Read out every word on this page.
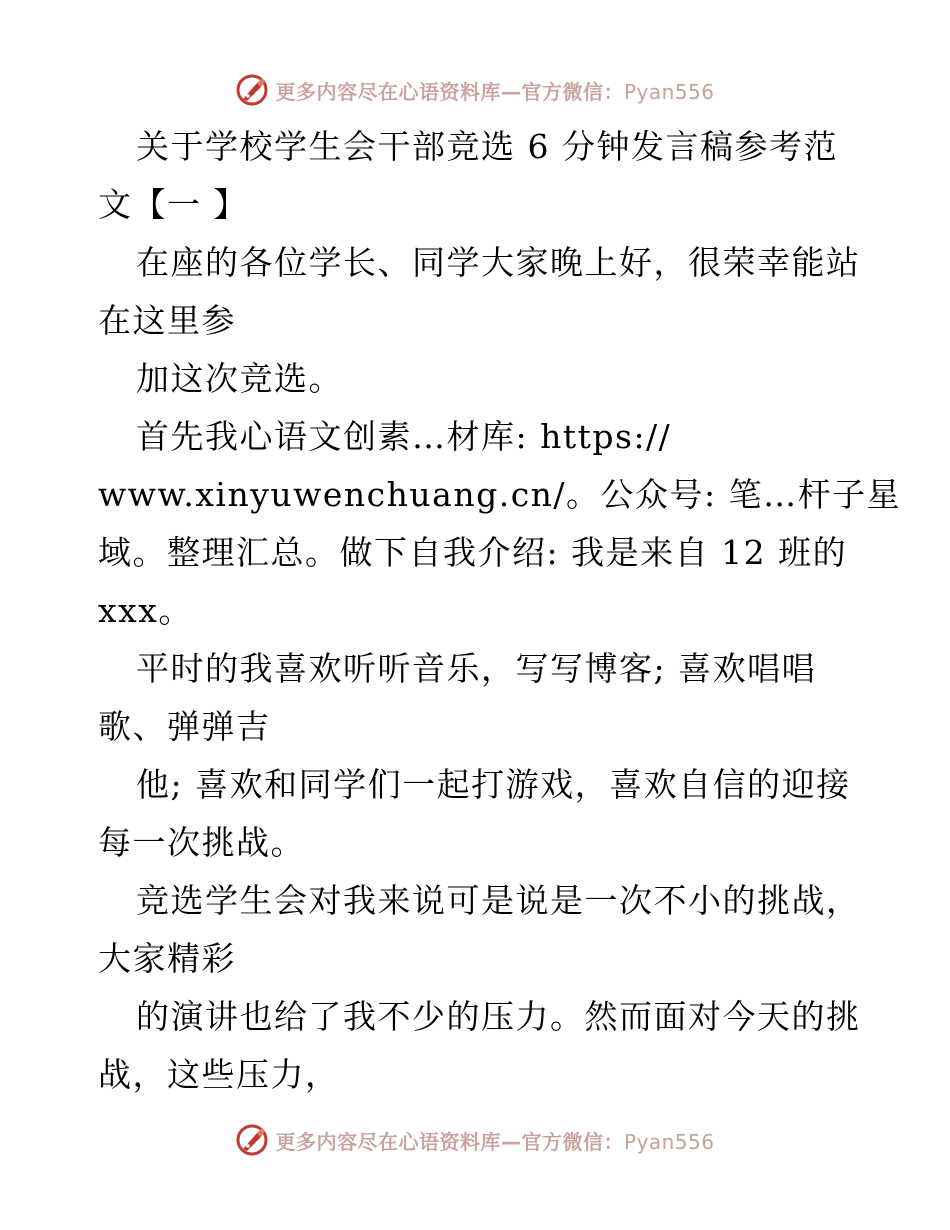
更多内容尽在心语资料库—官方微信：Pyan556
关于学校学生会干部竞选 6 分钟发言稿参考范
文【一 】
在座的各位学长、同学大家晚上好，很荣幸能站
在这里参
加这次竞选。
首先我心语文创素…材库: https://
www.xinyuwenchuang.cn/。公众号: 笔…杆子星
域。整理汇总。做下自我介绍: 我是来自 12 班的
xxx。
平时的我喜欢听听音乐，写写博客; 喜欢唱唱
歌、弹弹吉
他; 喜欢和同学们一起打游戏，喜欢自信的迎接
每一次挑战。
竞选学生会对我来说可是说是一次不小的挑战，
大家精彩
的演讲也给了我不少的压力。然而面对今天的挑
战，这些压力，
更多内容尽在心语资料库—官方微信：Pyan556
